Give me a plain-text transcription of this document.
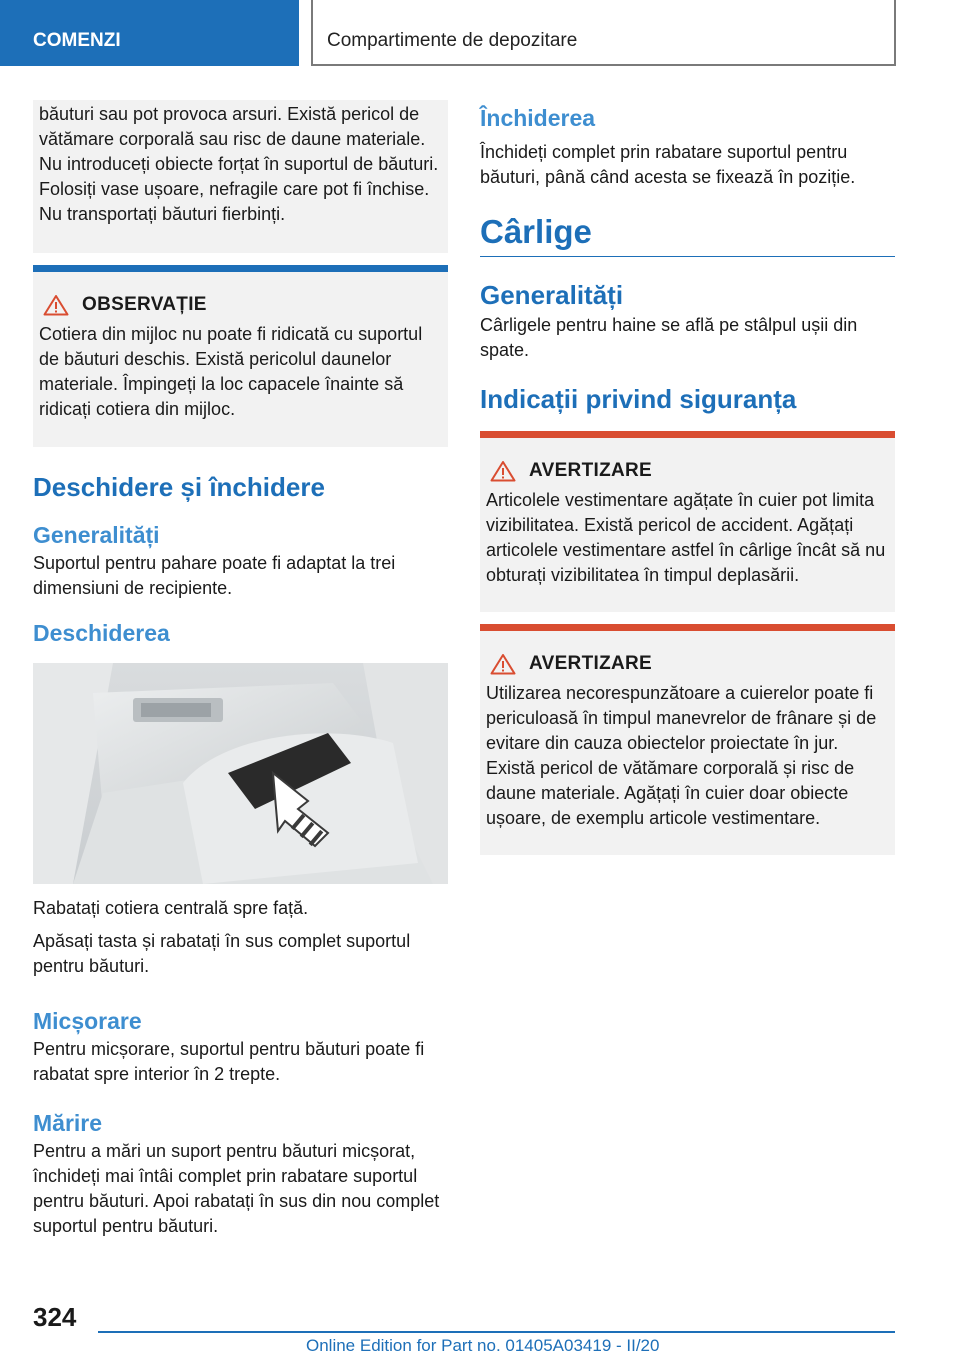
COMENZI	Compartimente de depozitare

băuturi sau pot provoca arsuri. Există pericol de vătămare corporală sau risc de daune materiale. Nu introduceți obiecte forțat în suportul de băuturi. Folosiți vase ușoare, nefragile care pot fi închise. Nu transportați băuturi fierbinți.

OBSERVAȚIE

Cotiera din mijloc nu poate fi ridicată cu suportul de băuturi deschis. Există pericolul daunelor materiale. Împingeți la loc capacele înainte să ridicați cotiera din mijloc.

Deschidere și închidere
Generalități

Suportul pentru pahare poate fi adaptat la trei dimensiuni de recipiente.

Deschiderea

Rabatați cotiera centrală spre față.

Apăsați tasta și rabatați în sus complet suportul pentru băuturi.

Micșorare

Pentru micșorare, suportul pentru băuturi poate fi rabatat spre interior în 2 trepte.

Mărire

Pentru a mări un suport pentru băuturi micșorat, închideți mai întâi complet prin rabatare suportul pentru băuturi. Apoi rabatați în sus din nou complet suportul pentru băuturi.

Închiderea

Închideți complet prin rabatare suportul pentru băuturi, până când acesta se fixează în poziție.

Cârlige
Generalități

Cârligele pentru haine se află pe stâlpul ușii din spate.

Indicații privind siguranța
AVERTIZARE

Articolele vestimentare agățate în cuier pot limita vizibilitatea. Există pericol de accident. Agățați articolele vestimentare astfel în cârlige încât să nu obturați vizibilitatea în timpul deplasării.

AVERTIZARE

Utilizarea necorespunzătoare a cuierelor poate fi periculoasă în timpul manevrelor de frânare și de evitare din cauza obiectelor proiectate în jur. Există pericol de vătămare corporală și risc de daune materiale. Agățați în cuier doar obiecte ușoare, de exemplu articole vestimentare.

324
Online Edition for Part no. 01405A03419 - II/20
